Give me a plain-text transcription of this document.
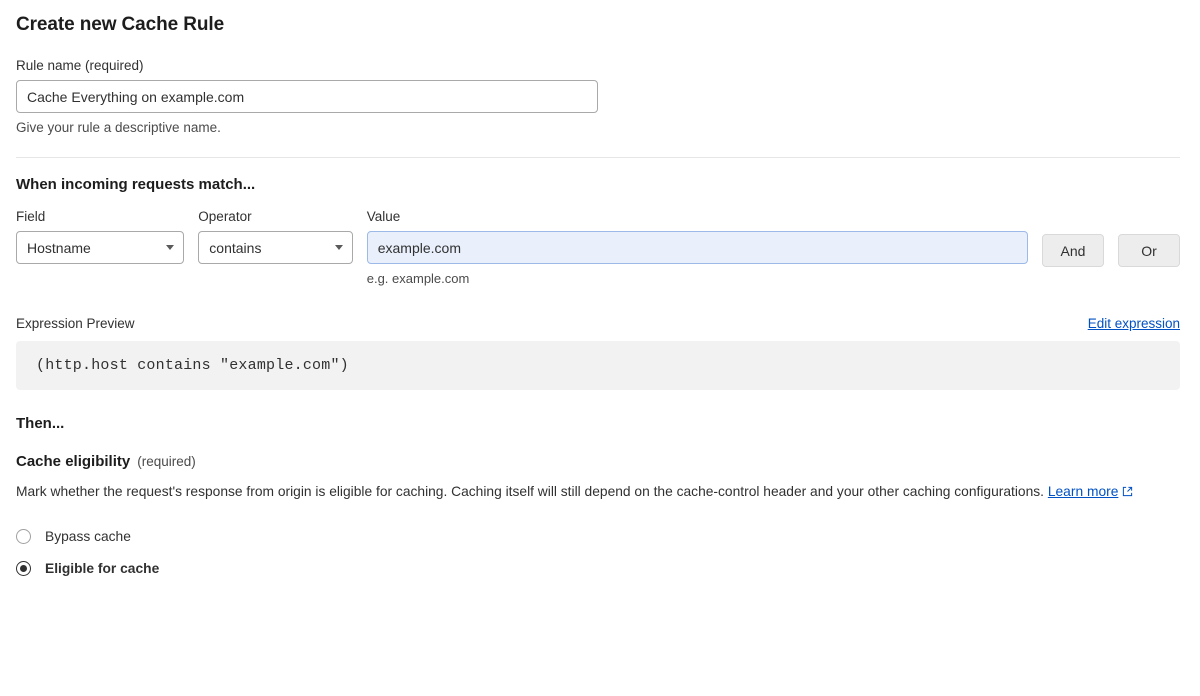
Create new Cache Rule
Rule name (required)
Cache Everything on example.com
Give your rule a descriptive name.
When incoming requests match...
Field
Hostname
Operator
contains
Value
example.com
e.g. example.com
And	Or
Expression Preview	Edit expression
(http.host contains "example.com")
Then...
Cache eligibility (required)

Mark whether the request's response from origin is eligible for caching. Caching itself will still depend on the cache-control header and your other caching configurations. Learn more

Bypass cache
Eligible for cache
